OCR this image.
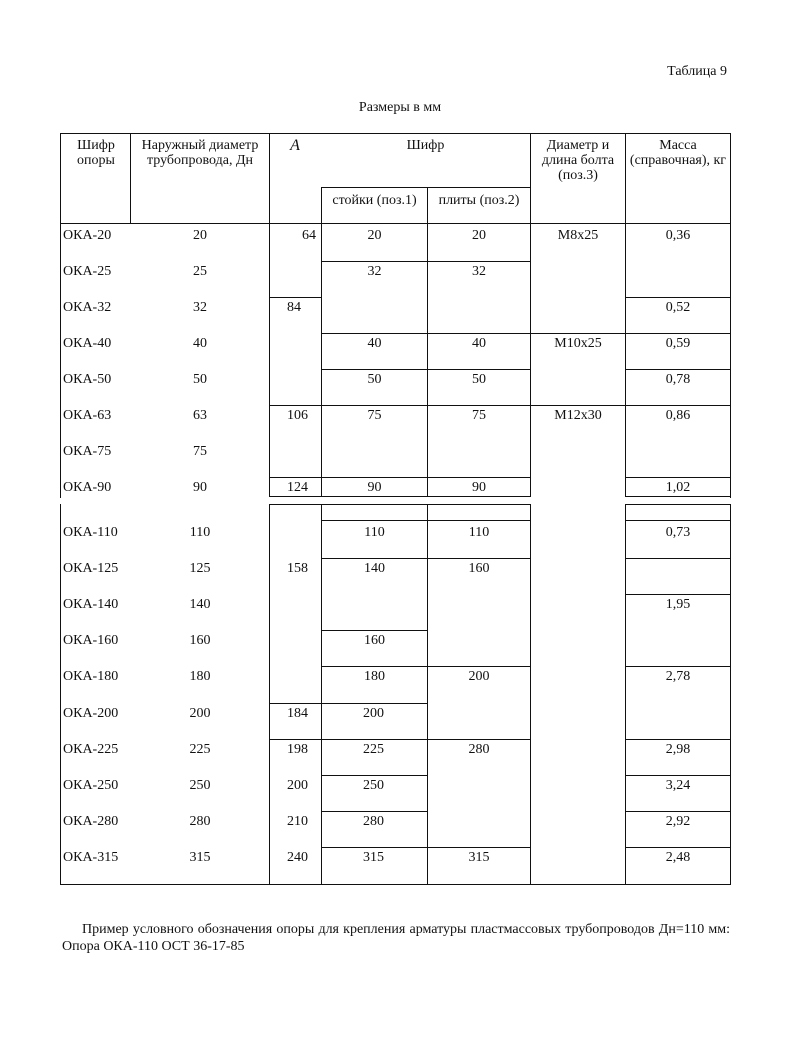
Таблица 9
Размеры в мм
Шифр опоры
Наружный диаметр трубопровода, Дн
А	Шифр
стойки (поз.1)	плиты (поз.2)
Диаметр и длина болта (поз.3)
Масса (справочная), кг
ОКА-20
ОКА-25
ОКА-32
ОКА-40
ОКА-50
ОКА-63
ОКА-75
ОКА-90
ОКА-110
ОКА-125
ОКА-140
ОКА-160
ОКА-180
ОКА-200
ОКА-225
ОКА-250
ОКА-280
ОКА-315
20
25
32
40
50
63
75
90
110
125
140
160
180
200
225
250
280
315
64
84
106
124
158
184
198
200
210
240
20
32
40
50
75
90
110
140
160
180
200
225
250
280
315
20
32
40
50
75
90
110
160
200
280
315
М8х25
М10х25
М12х30
0,36
0,52
0,59
0,78
0,86
1,02
0,73
1,95
2,78
2,98
3,24
2,92
2,48
Пример условного обозначения опоры для крепления арматуры пластмассовых трубопроводов Дн=110 мм: Опора ОКА-110 ОСТ 36-17-85
